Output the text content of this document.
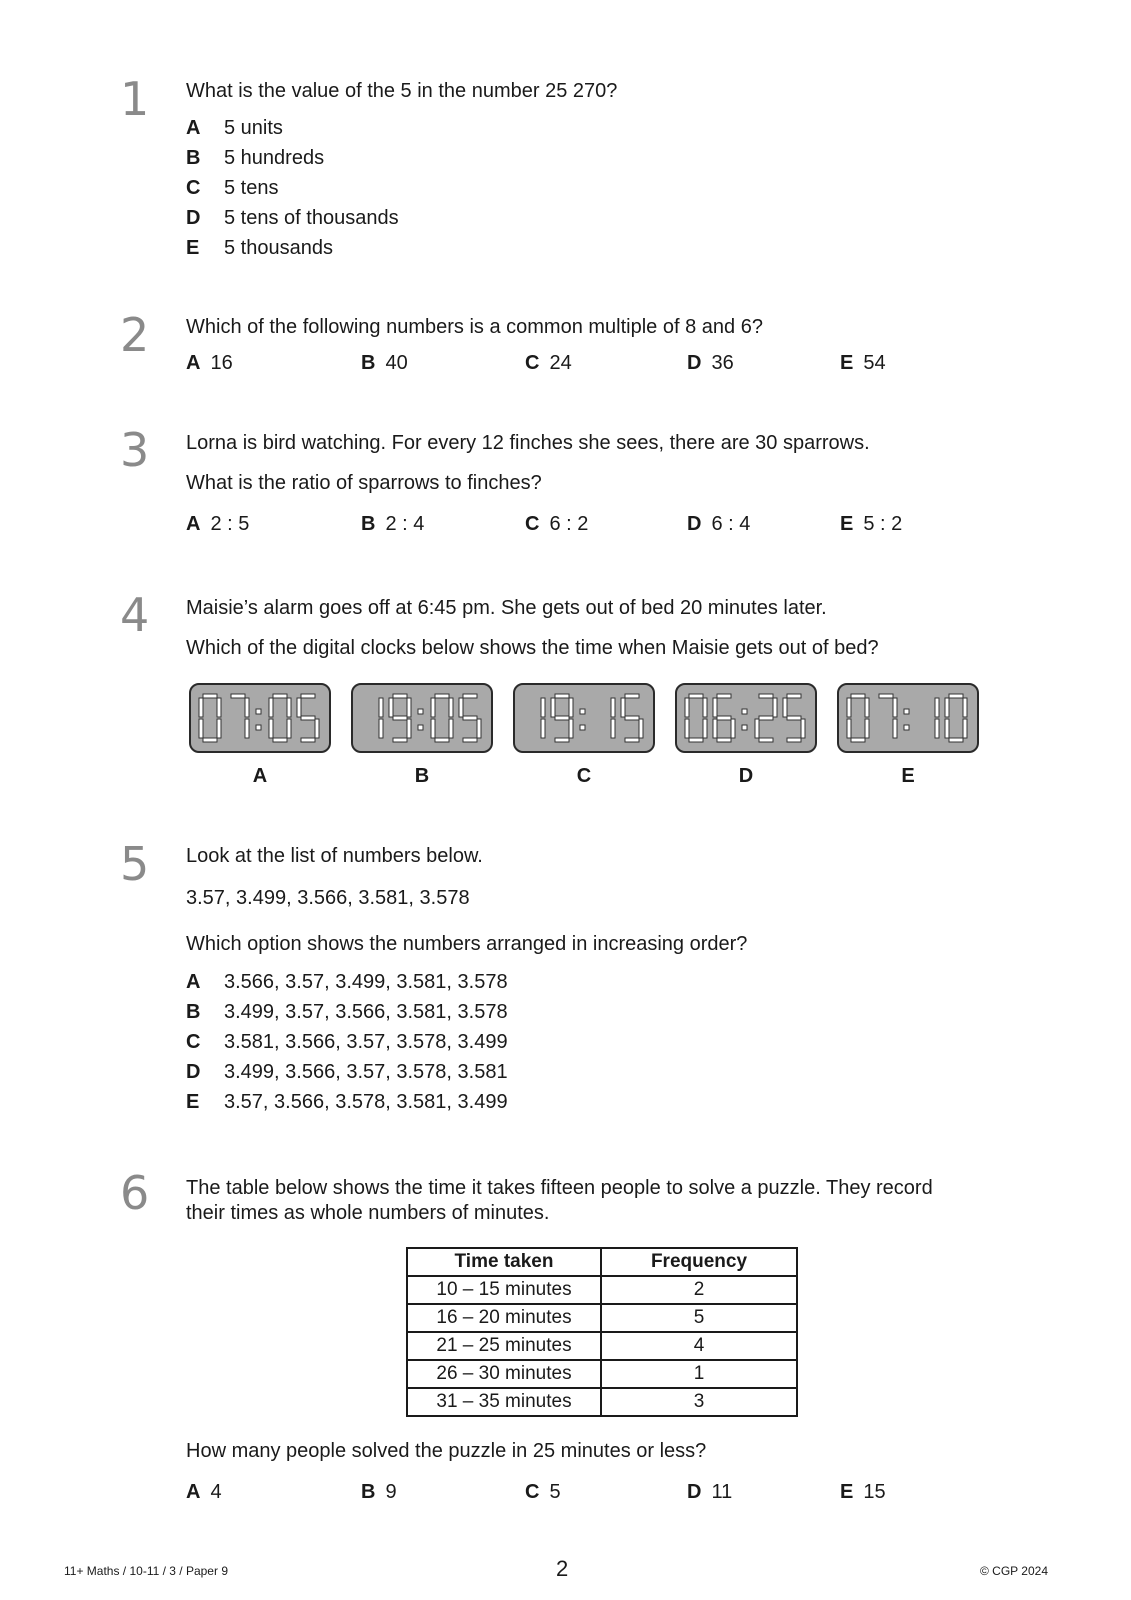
1	What is the value of the 5 in the number 25 270?
A 5 units
B 5 hundreds
C 5 tens
D 5 tens of thousands
E 5 thousands
2	Which of the following numbers is a common multiple of 8 and 6?
A 16	B 40	C 24	D 36	E 54
3	Lorna is bird watching. For every 12 finches she sees, there are 30 sparrows.
What is the ratio of sparrows to finches?
A 2 : 5	B 2 : 4	C 6 : 2	D 6 : 4	E 5 : 2
4	Maisie’s alarm goes off at 6:45 pm. She gets out of bed 20 minutes later.
Which of the digital clocks below shows the time when Maisie gets out of bed?
A	B	C	D	E
5	Look at the list of numbers below.
3.57, 3.499, 3.566, 3.581, 3.578
Which option shows the numbers arranged in increasing order?
A 3.566, 3.57, 3.499, 3.581, 3.578
B 3.499, 3.57, 3.566, 3.581, 3.578
C 3.581, 3.566, 3.57, 3.578, 3.499
D 3.499, 3.566, 3.57, 3.578, 3.581
E 3.57, 3.566, 3.578, 3.581, 3.499
6	The table below shows the time it takes fifteen people to solve a puzzle. They record
their times as whole numbers of minutes.
Time taken	Frequency
10 – 15 minutes	2
16 – 20 minutes	5
21 – 25 minutes	4
26 – 30 minutes	1
31 – 35 minutes	3
How many people solved the puzzle in 25 minutes or less?
A 4	B 9	C 5	D 11	E 15
11+ Maths / 10-11 / 3 / Paper 9	2	© CGP 2024
